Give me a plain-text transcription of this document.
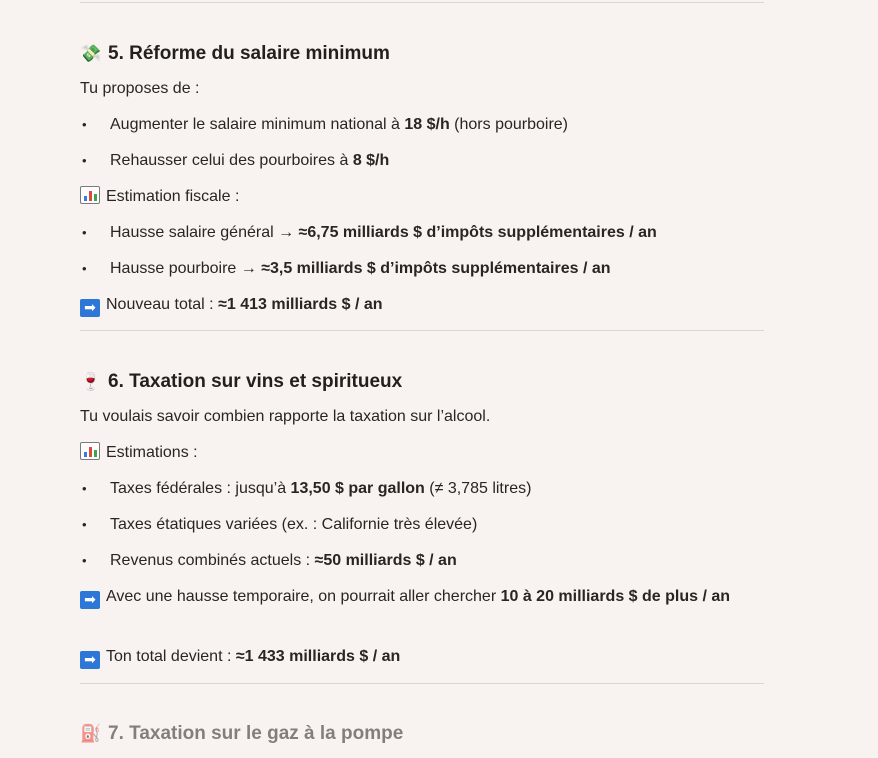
💸 5. Réforme du salaire minimum
Tu proposes de :
• Augmenter le salaire minimum national à 18 $/h (hors pourboire)
• Rehausser celui des pourboires à 8 $/h
Estimation fiscale :
• Hausse salaire général → ≈6,75 milliards $ d’impôts supplémentaires / an
• Hausse pourboire → ≈3,5 milliards $ d’impôts supplémentaires / an
➡ Nouveau total : ≈1 413 milliards $ / an
🍷 6. Taxation sur vins et spiritueux
Tu voulais savoir combien rapporte la taxation sur l’alcool.
Estimations :
• Taxes fédérales : jusqu’à 13,50 $ par gallon (≠ 3,785 litres)
• Taxes étatiques variées (ex. : Californie très élevée)
• Revenus combinés actuels : ≈50 milliards $ / an
➡ Avec une hausse temporaire, on pourrait aller chercher 10 à 20 milliards $ de plus / an
➡ Ton total devient : ≈1 433 milliards $ / an
⛽ 7. Taxation sur le gaz à la pompe
